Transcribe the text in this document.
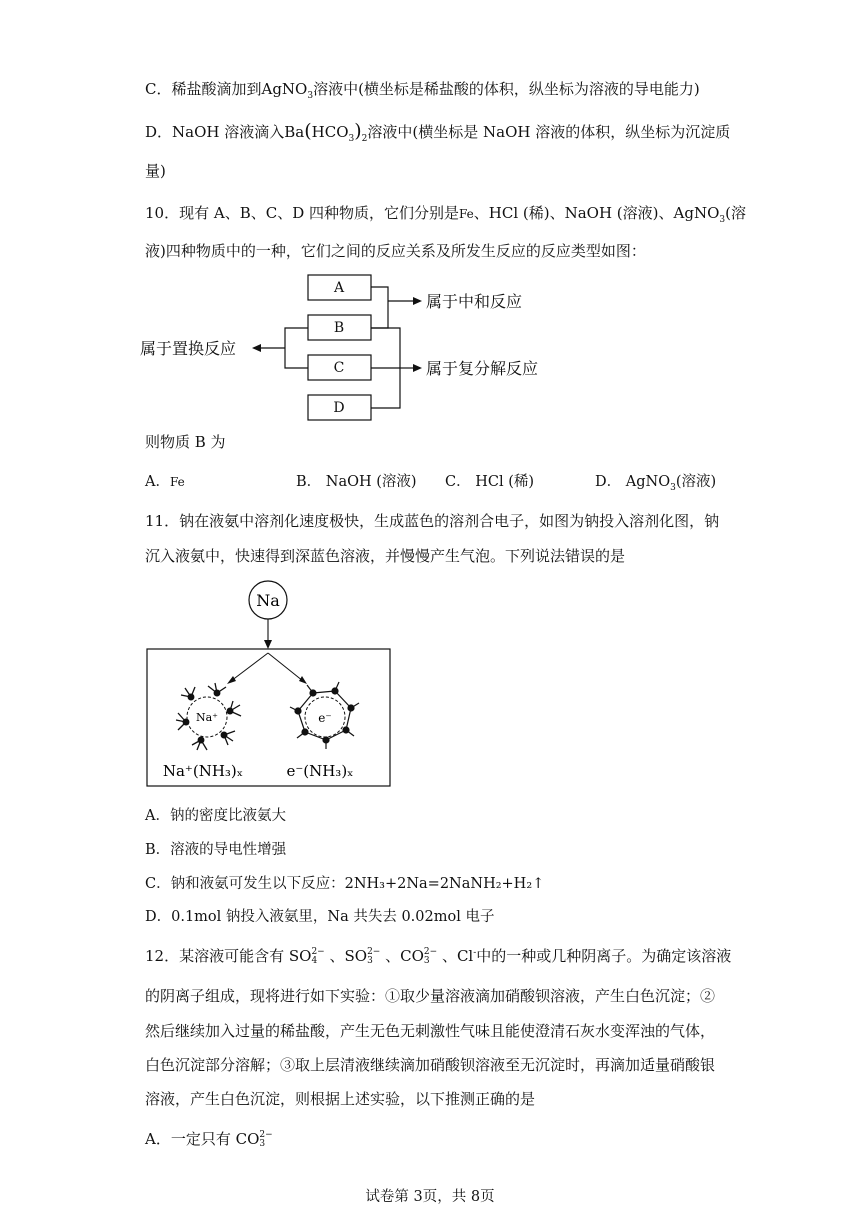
C．稀盐酸滴加到AgNO$_3$溶液中(横坐标是稀盐酸的体积，纵坐标为溶液的导电能力)
D．NaOH 溶液滴入$Ba(HCO_3)_2$溶液中(横坐标是 NaOH 溶液的体积，纵坐标为沉淀质
量)
10．现有 A、B、C、D 四种物质，它们分别是Fe、HCl (稀)、NaOH (溶液)、AgNO$_3$(溶
液)四种物质中的一种，它们之间的反应关系及所发生反应的反应类型如图：
A
B
C
D
属于中和反应
属于复分解反应
属于置换反应
则物质 B 为
A．Fe	B． NaOH (溶液) C． HCl (稀)	D． AgNO$_3$(溶液)
11．钠在液氨中溶剂化速度极快，生成蓝色的溶剂合电子，如图为钠投入溶剂化图，钠
沉入液氨中，快速得到深蓝色溶液，并慢慢产生气泡。下列说法错误的是
Na
Na⁺	e⁻
Na⁺(NH₃)ₓ	e⁻(NH₃)ₓ
A．钠的密度比液氨大
B．溶液的导电性增强
C．钠和液氨可发生以下反应：2NH₃+2Na=2NaNH₂+H₂↑
D．0.1mol 钠投入液氨里，Na 共失去 0.02mol 电子
12．某溶液可能含有 SO 2−
4 、SO 2−
3 、CO 2−
3 、Cl-中的一种或几种阴离子。为确定该溶液
的阴离子组成，现将进行如下实验：①取少量溶液滴加硝酸钡溶液，产生白色沉淀；②
然后继续加入过量的稀盐酸，产生无色无刺激性气味且能使澄清石灰水变浑浊的气体，
白色沉淀部分溶解；③取上层清液继续滴加硝酸钡溶液至无沉淀时，再滴加适量硝酸银
溶液，产生白色沉淀，则根据上述实验，以下推测正确的是
A．一定只有 CO 2−
3
试卷第 3页，共 8页
